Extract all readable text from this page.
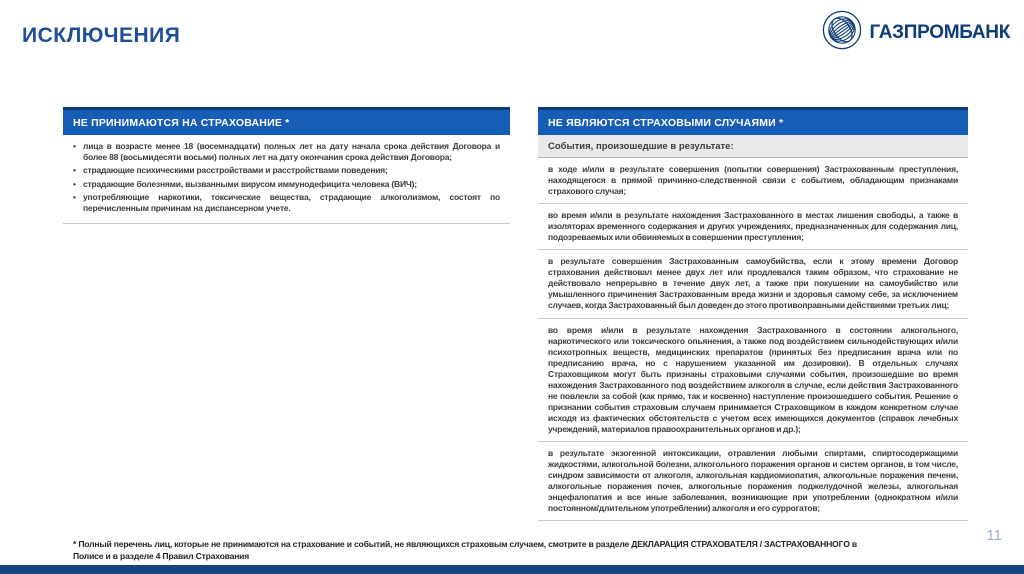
ИСКЛЮЧЕНИЯ	ГАЗПРОМБАНК
НЕ ПРИНИМАЮТСЯ НА СТРАХОВАНИЕ *
• лица в возрасте менее 18 (восемнадцати) полных лет на дату начала срока действия Договора и более 88 (восьмидесяти восьми) полных лет на дату окончания срока действия Договора;
• страдающие психическими расстройствами и расстройствами поведения;
• страдающие болезнями, вызванными вирусом иммунодефицита человека (ВИЧ);
• употребляющие наркотики, токсические вещества, страдающие алкоголизмом, состоят по перечисленным причинам на диспансерном учете.
НЕ ЯВЛЯЮТСЯ СТРАХОВЫМИ СЛУЧАЯМИ *
События, произошедшие в результате:
в ходе и/или в результате совершения (попытки совершения) Застрахованным преступления, находящегося в прямой причинно-следственной связи с событием, обладающим признаками страхового случая;
во время и/или в результате нахождения Застрахованного в местах лишения свободы, а также в изоляторах временного содержания и других учреждениях, предназначенных для содержания лиц, подозреваемых или обвиняемых в совершении преступления;
в результате совершения Застрахованным самоубийства, если к этому времени Договор страхования действовал менее двух лет или продлевался таким образом, что страхование не действовало непрерывно в течение двух лет, а также при покушении на самоубийство или умышленного причинения Застрахованным вреда жизни и здоровья самому себе, за исключением случаев, когда Застрахованный был доведен до этого противоправными действиями третьих лиц;
во время и/или в результате нахождения Застрахованного в состоянии алкогольного, наркотического или токсического опьянения, а также под воздействием сильнодействующих и/или психотропных веществ, медицинских препаратов (принятых без предписания врача или по предписанию врача, но с нарушением указанной им дозировки). В отдельных случаях Страховщиком могут быть признаны страховыми случаями события, произошедшие во время нахождения Застрахованного под воздействием алкоголя в случае, если действия Застрахованного не повлекли за собой (как прямо, так и косвенно) наступление произошедшего события. Решение о признании события страховым случаем принимается Страховщиком в каждом конкретном случае исходя из фактических обстоятельств с учетом всех имеющихся документов (справок лечебных учреждений, материалов правоохранительных органов и др.);
в результате экзогенной интоксикации, отравления любыми спиртами, спиртосодержащими жидкостями, алкогольной болезни, алкогольного поражения органов и систем органов, в том числе, синдром зависимости от алкоголя, алкогольная кардиомиопатия, алкогольные поражения печени, алкогольные поражения почек, алкогольные поражения поджелудочной железы, алкогольная энцефалопатия и все иные заболевания, возникающие при употреблении (однократном и/или постоянном/длительном употреблении) алкоголя и его суррогатов;
* Полный перечень лиц, которые не принимаются на страхование и событий, не являющихся страховым случаем, смотрите в разделе ДЕКЛАРАЦИЯ СТРАХОВАТЕЛЯ / ЗАСТРАХОВАННОГО в Полисе и в разделе 4 Правил Страхования
11
